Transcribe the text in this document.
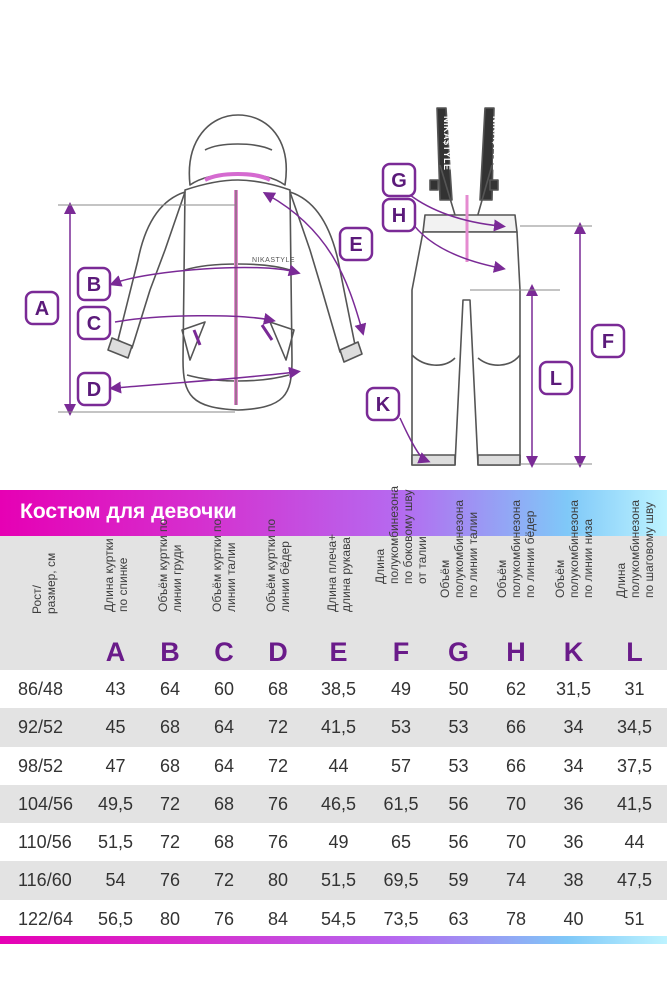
NIKASTYLE
NIKA$TYLE	NIKA$TYLE
A
B
C
D
E
F
G
H
K
L
Костюм для девочки
Рост/
размер, см
Длина куртки
по спинке
A
Объём куртки по
линии груди
B
Объём куртки по
линии талии
C
Объём куртки по
линии бёдер
D
Длина плеча+
длина рукава
E
Длина
полукомбинезона
по боковому шву
от талии
F
Объём
полукомбинезона
по линии талии
G
Объём
полукомбинезона
по линии бёдер
H
Объём
полукомбинезона
по линии низа
K
Длина
полукомбинезона
по шаговому шву
L
86/48	43	64	60	68	38,5	49	50	62	31,5	31
92/52	45	68	64	72	41,5	53	53	66	34	34,5
98/52	47	68	64	72	44	57	53	66	34	37,5
104/56	49,5	72	68	76	46,5	61,5	56	70	36	41,5
110/56	51,5	72	68	76	49	65	56	70	36	44
116/60	54	76	72	80	51,5	69,5	59	74	38	47,5
122/64	56,5	80	76	84	54,5	73,5	63	78	40	51
